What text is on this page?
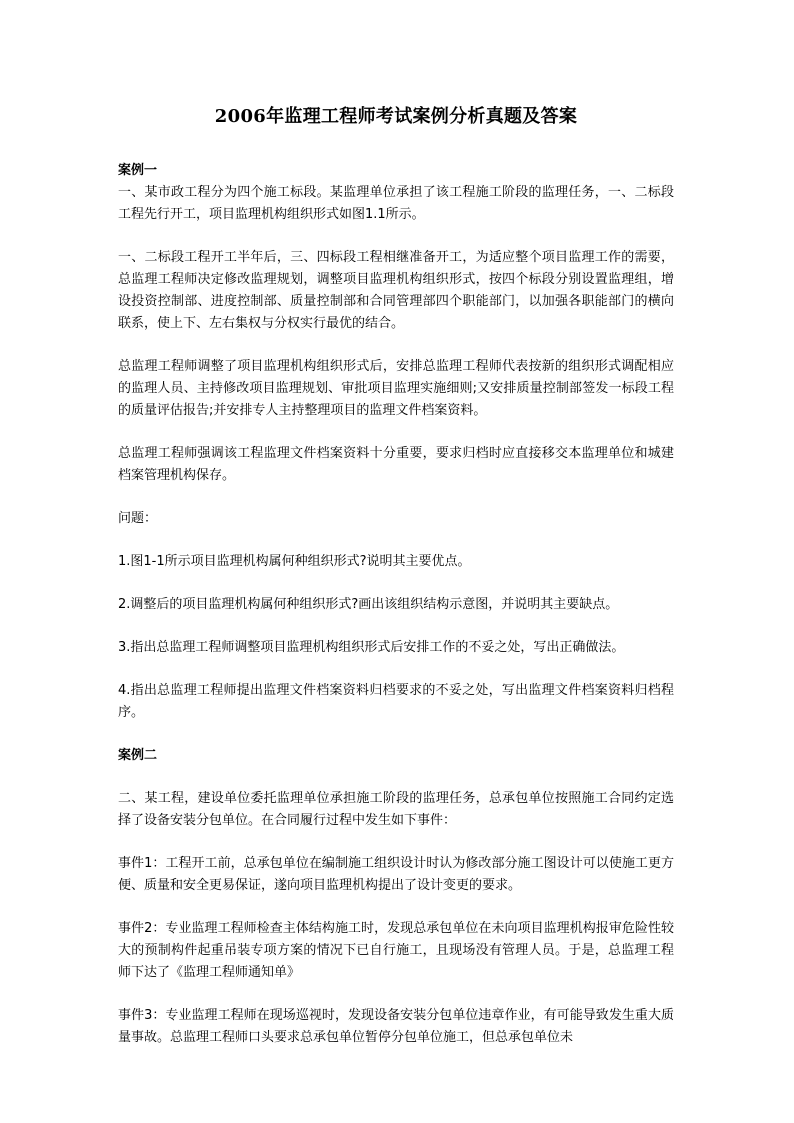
2006年监理工程师考试案例分析真题及答案
案例一
一、某市政工程分为四个施工标段。某监理单位承担了该工程施工阶段的监理任务，一、二标段工程先行开工，项目监理机构组织形式如图1.1所示。
一、二标段工程开工半年后，三、四标段工程相继准备开工，为适应整个项目监理工作的需要，总监理工程师决定修改监理规划，调整项目监理机构组织形式，按四个标段分别设置监理组，增设投资控制部、进度控制部、质量控制部和合同管理部四个职能部门，以加强各职能部门的横向联系，使上下、左右集权与分权实行最优的结合。
总监理工程师调整了项目监理机构组织形式后，安排总监理工程师代表按新的组织形式调配相应的监理人员、主持修改项目监理规划、审批项目监理实施细则;又安排质量控制部签发一标段工程的质量评估报告;并安排专人主持整理项目的监理文件档案资料。
总监理工程师强调该工程监理文件档案资料十分重要，要求归档时应直接移交本监理单位和城建档案管理机构保存。
问题：
1.图1-1所示项目监理机构属何种组织形式?说明其主要优点。
2.调整后的项目监理机构属何种组织形式?画出该组织结构示意图，并说明其主要缺点。
3.指出总监理工程师调整项目监理机构组织形式后安排工作的不妥之处，写出正确做法。
4.指出总监理工程师提出监理文件档案资料归档要求的不妥之处，写出监理文件档案资料归档程序。
案例二
二、某工程，建设单位委托监理单位承担施工阶段的监理任务，总承包单位按照施工合同约定选择了设备安装分包单位。在合同履行过程中发生如下事件：
事件1：工程开工前，总承包单位在编制施工组织设计时认为修改部分施工图设计可以使施工更方便、质量和安全更易保证，遂向项目监理机构提出了设计变更的要求。
事件2：专业监理工程师检查主体结构施工时，发现总承包单位在未向项目监理机构报审危险性较大的预制构件起重吊装专项方案的情况下已自行施工，且现场没有管理人员。于是，总监理工程师下达了《监理工程师通知单》
事件3：专业监理工程师在现场巡视时，发现设备安装分包单位违章作业，有可能导致发生重大质量事故。总监理工程师口头要求总承包单位暂停分包单位施工，但总承包单位未
